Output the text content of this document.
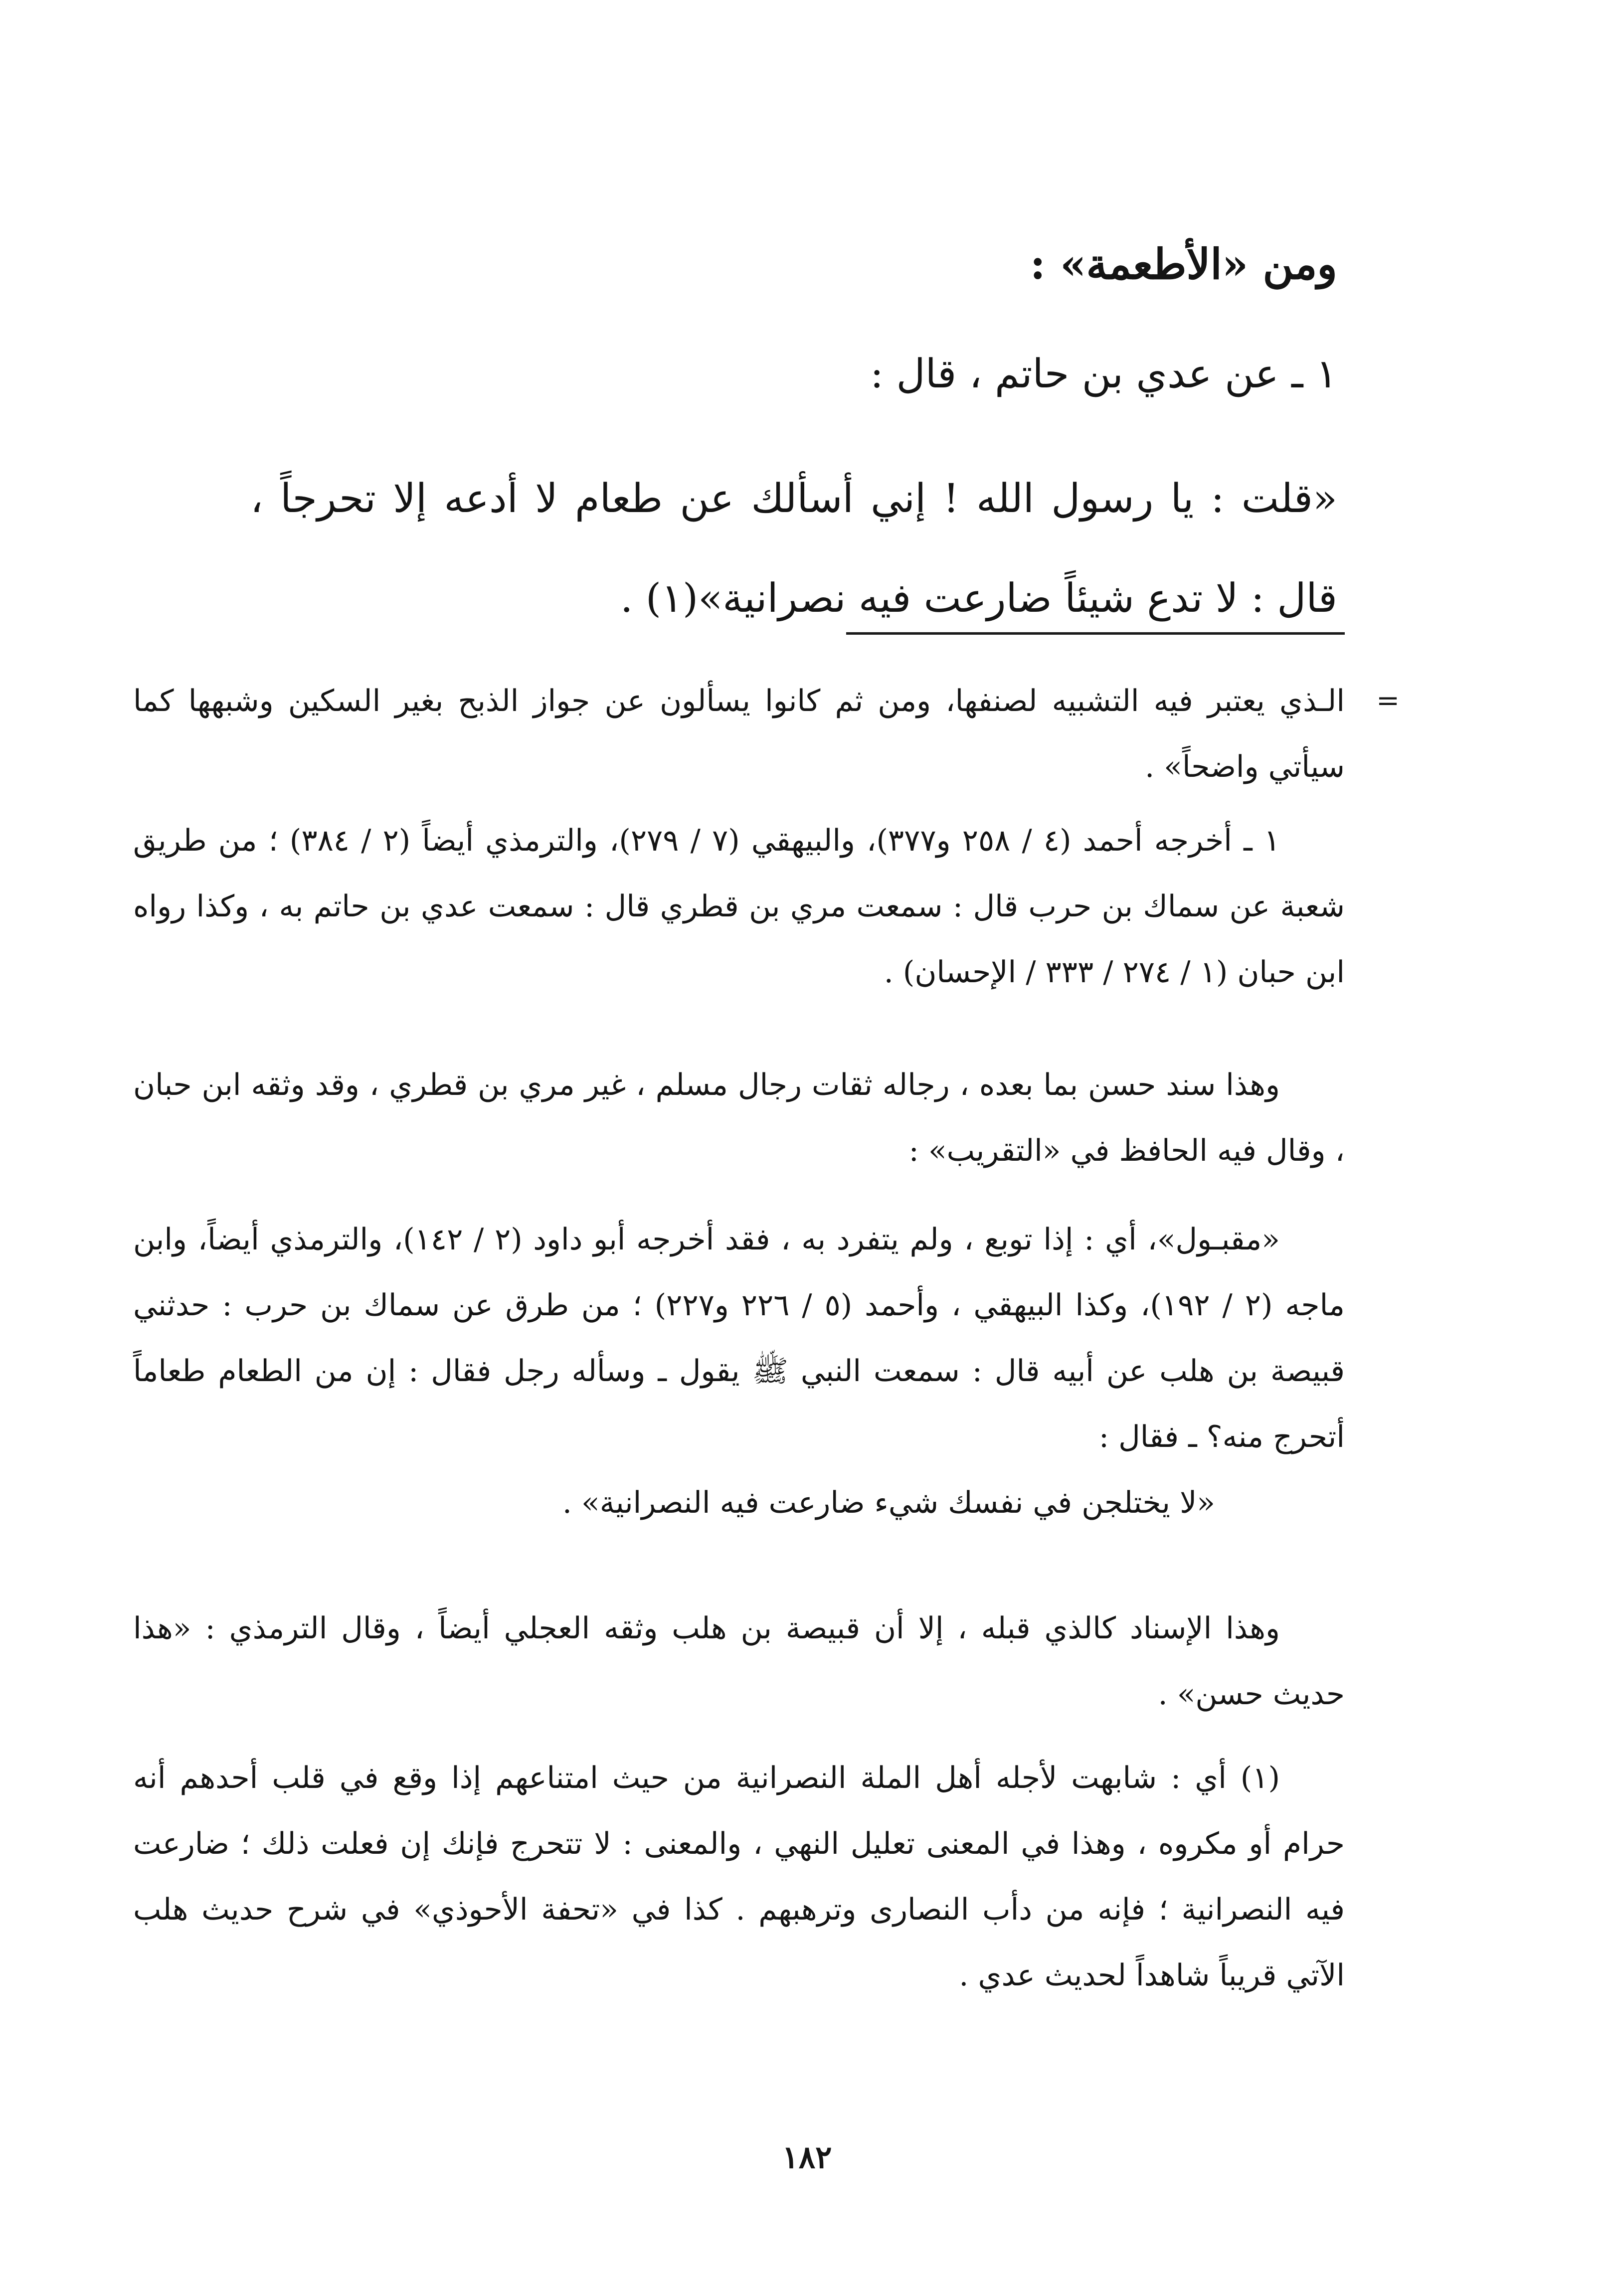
ومن «الأطعمة» :
١ ـ عن عدي بن حاتم ، قال :
«قلت : يا رسول الله ! إني أسألك عن طعام لا أدعه إلا تحرجاً ، قال : لا تدع شيئاً ضارعت فيه نصرانية»(١) .
=

الـذي يعتبر فيه التشبيه لصنفها، ومن ثم كانوا يسألون عن جواز الذبح بغير السكين وشبهها كما سيأتي واضحاً» .

١ ـ أخرجه أحمد (٤ / ٢٥٨ و٣٧٧)، والبيهقي (٧ / ٢٧٩)، والترمذي أيضاً (٢ / ٣٨٤) ؛ من طريق شعبة عن سماك بن حرب قال : سمعت مري بن قطري قال : سمعت عدي بن حاتم به ، وكذا رواه ابن حبان (١ / ٢٧٤ / ٣٣٣ / الإحسان) .

وهذا سند حسن بما بعده ، رجاله ثقات رجال مسلم ، غير مري بن قطري ، وقد وثقه ابن حبان ، وقال فيه الحافظ في «التقريب» :

«مقبـول»، أي : إذا توبع ، ولم يتفرد به ، فقد أخرجه أبو داود (٢ / ١٤٢)، والترمذي أيضاً، وابن ماجه (٢ / ١٩٢)، وكذا البيهقي ، وأحمد (٥ / ٢٢٦ و٢٢٧) ؛ من طرق عن سماك بن حرب : حدثني قبيصة بن هلب عن أبيه قال : سمعت النبي ﷺ يقول ـ وسأله رجل فقال : إن من الطعام طعاماً أتحرج منه؟ ـ فقال :

«لا يختلجن في نفسك شيء ضارعت فيه النصرانية» .

وهذا الإسناد كالذي قبله ، إلا أن قبيصة بن هلب وثقه العجلي أيضاً ، وقال الترمذي : «هذا حديث حسن» .

(١) أي : شابهت لأجله أهل الملة النصرانية من حيث امتناعهم إذا وقع في قلب أحدهم أنه حرام أو مكروه ، وهذا في المعنى تعليل النهي ، والمعنى : لا تتحرج فإنك إن فعلت ذلك ؛ ضارعت فيه النصرانية ؛ فإنه من دأب النصارى وترهبهم . كذا في «تحفة الأحوذي» في شرح حديث هلب الآتي قريباً شاهداً لحديث عدي .

١٨٢
